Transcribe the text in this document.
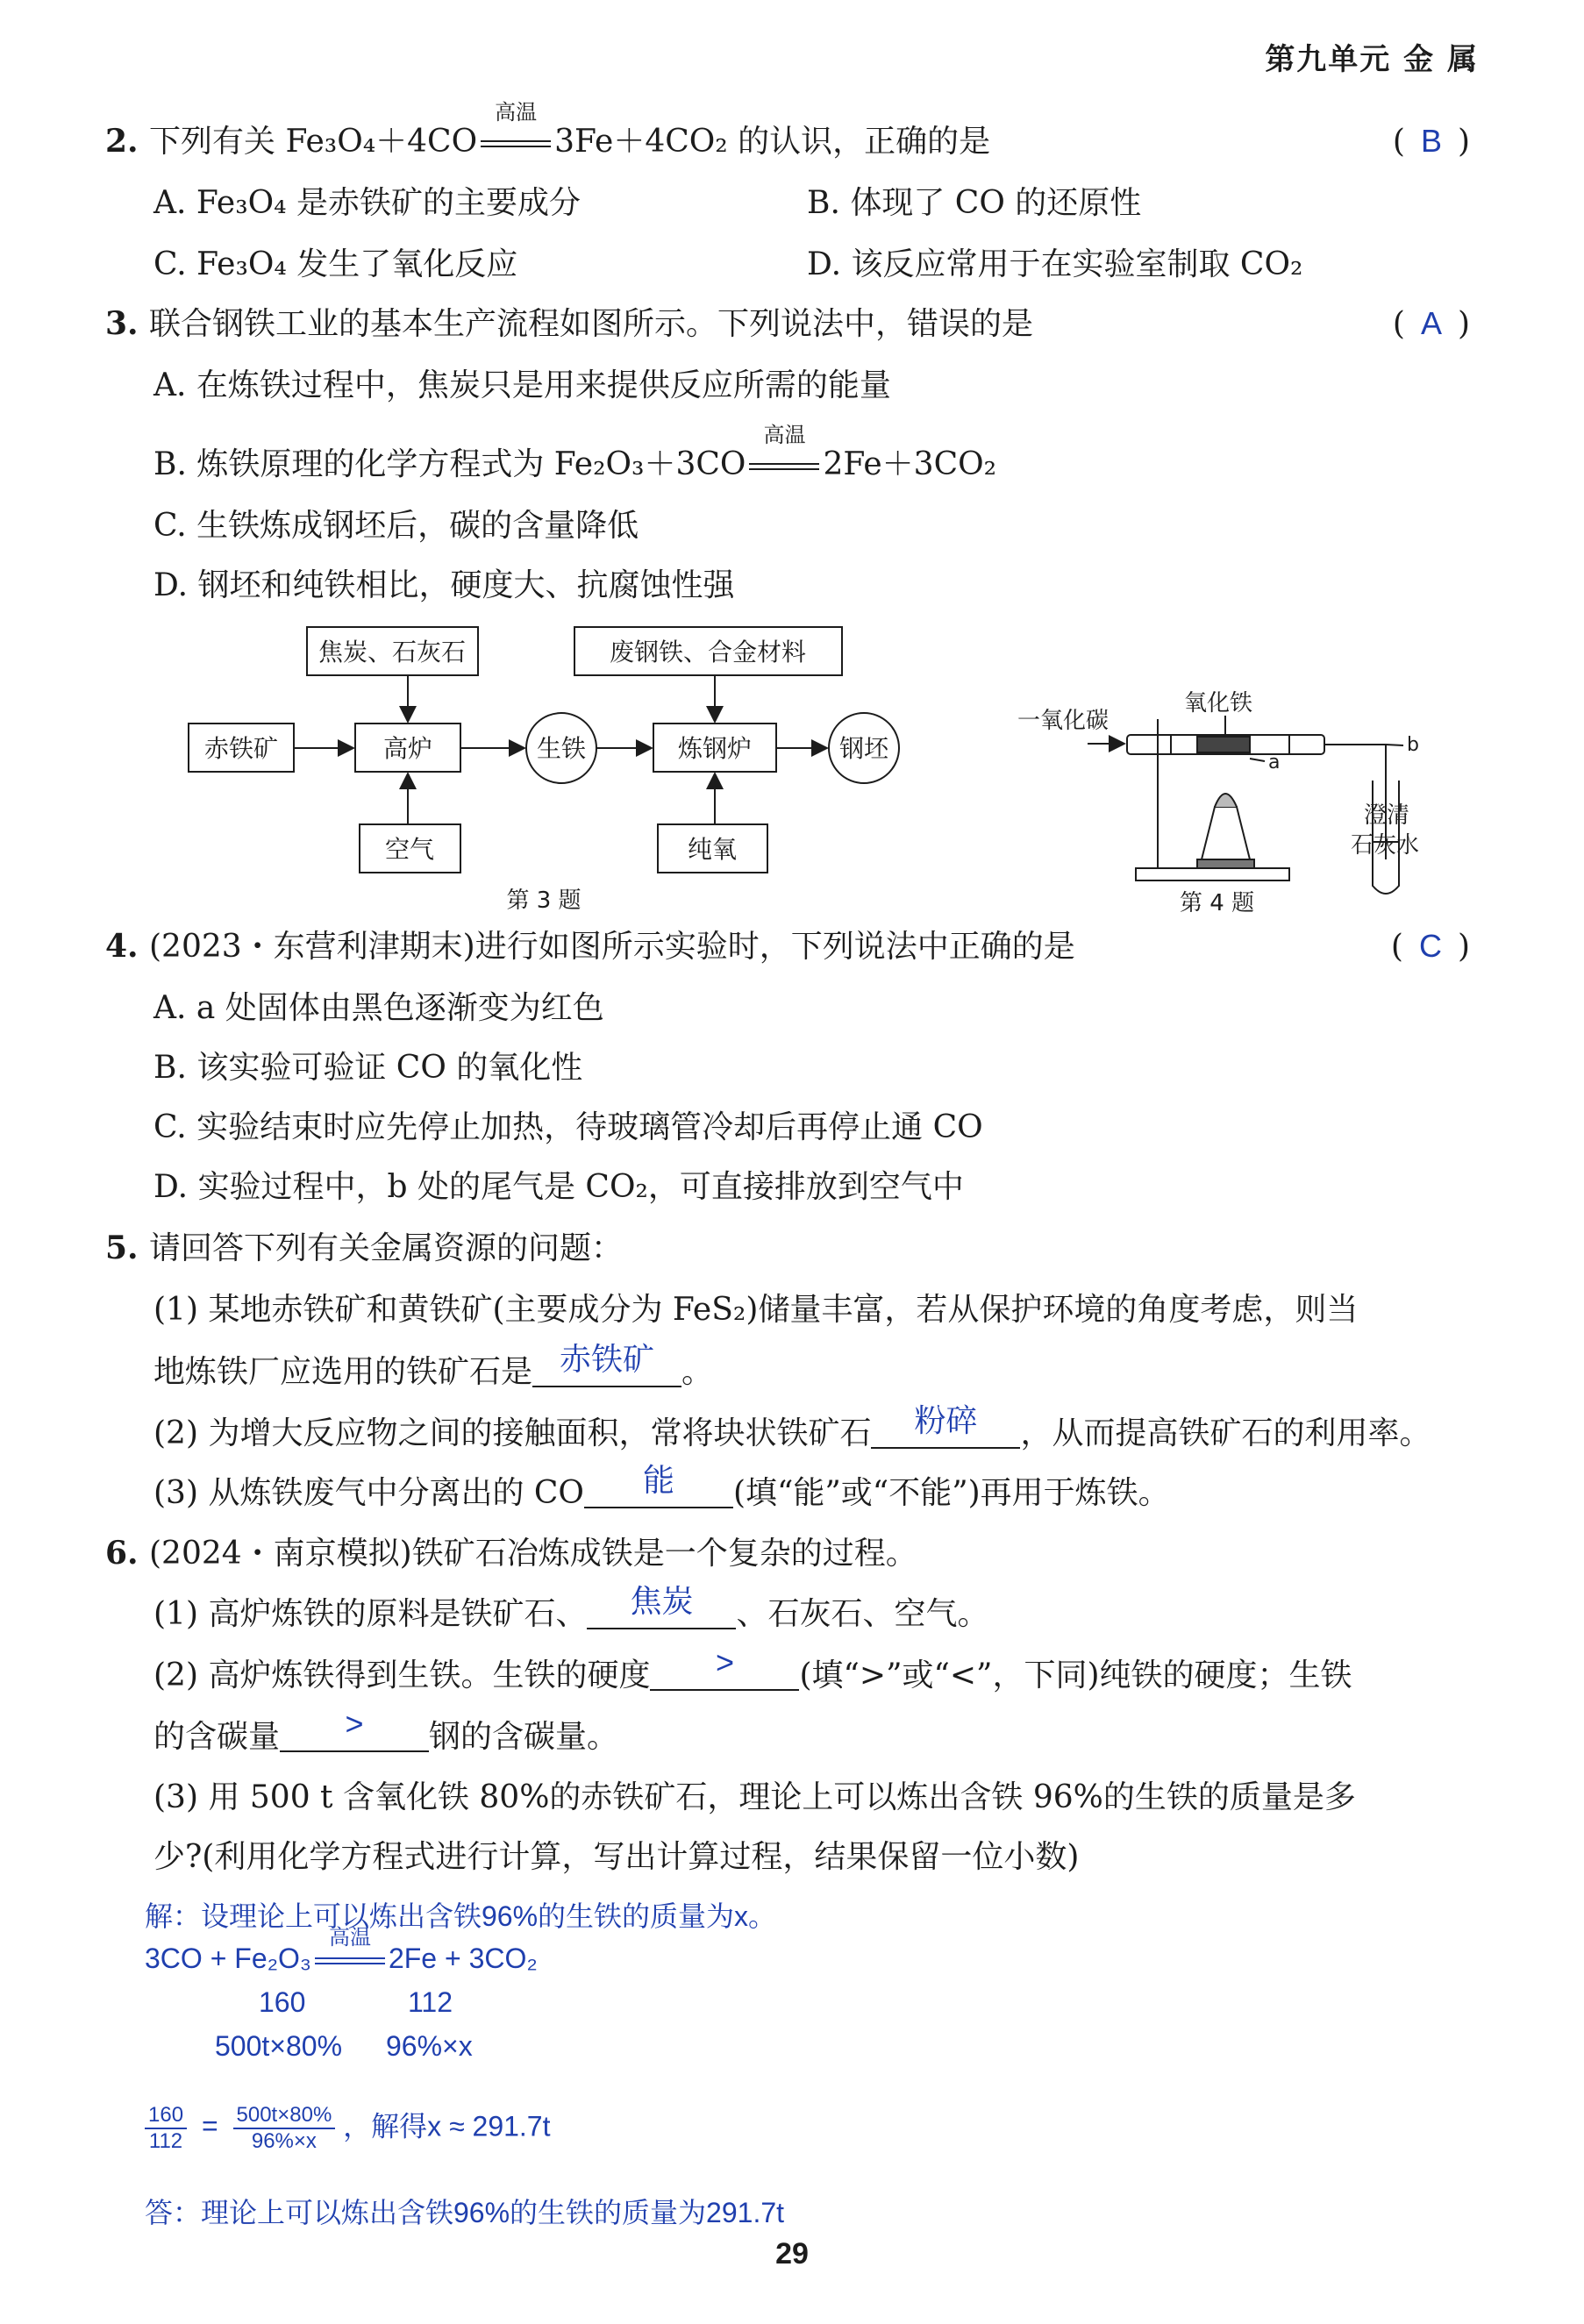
第九单元 金 属
2. 下列有关 Fe₃O₄＋4CO
高温
3Fe＋4CO₂ 的认识，正确的是	( B )
A. Fe₃O₄ 是赤铁矿的主要成分	B. 体现了 CO 的还原性
C. Fe₃O₄ 发生了氧化反应	D. 该反应常用于在实验室制取 CO₂
3. 联合钢铁工业的基本生产流程如图所示。下列说法中，错误的是	( A )
A. 在炼铁过程中，焦炭只是用来提供反应所需的能量
B. 炼铁原理的化学方程式为 Fe₂O₃＋3CO
高温
2Fe＋3CO₂
C. 生铁炼成钢坯后，碳的含量降低
D. 钢坯和纯铁相比，硬度大、抗腐蚀性强
焦炭、石灰石	废钢铁、合金材料
赤铁矿	高炉	生铁	炼钢炉	钢坯
空气	纯氧
第 3 题
一氧化碳
氧化铁
a
b
澄清
石灰水
第 4 题
4. (2023・东营利津期末)进行如图所示实验时，下列说法中正确的是	( C )
A. a 处固体由黑色逐渐变为红色
B. 该实验可验证 CO 的氧化性
C. 实验结束时应先停止加热，待玻璃管冷却后再停止通 CO
D. 实验过程中，b 处的尾气是 CO₂，可直接排放到空气中
5. 请回答下列有关金属资源的问题：
(1) 某地赤铁矿和黄铁矿(主要成分为 FeS₂)储量丰富，若从保护环境的角度考虑，则当
地炼铁厂应选用的铁矿石是 赤铁矿 。
(2) 为增大反应物之间的接触面积，常将块状铁矿石 粉碎 ，从而提高铁矿石的利用率。
(3) 从炼铁废气中分离出的 CO 能 (填“能”或“不能”)再用于炼铁。
6. (2024・南京模拟)铁矿石冶炼成铁是一个复杂的过程。
(1) 高炉炼铁的原料是铁矿石、 焦炭 、石灰石、空气。
(2) 高炉炼铁得到生铁。生铁的硬度 > (填“>”或“<”，下同)纯铁的硬度；生铁
的含碳量 > 钢的含碳量。
(3) 用 500 t 含氧化铁 80%的赤铁矿石，理论上可以炼出含铁 96%的生铁的质量是多
少?(利用化学方程式进行计算，写出计算过程，结果保留一位小数)
解：设理论上可以炼出含铁96%的生铁的质量为x。
3CO + Fe₂O₃
高温
2Fe + 3CO₂
160	112
500t×80% 96%×x
$\frac{160}{112} = \frac{500t\times 80\%}{96\%\times x}$ ，解得x ≈ 291.7t
答：理论上可以炼出含铁96%的生铁的质量为291.7t
29
